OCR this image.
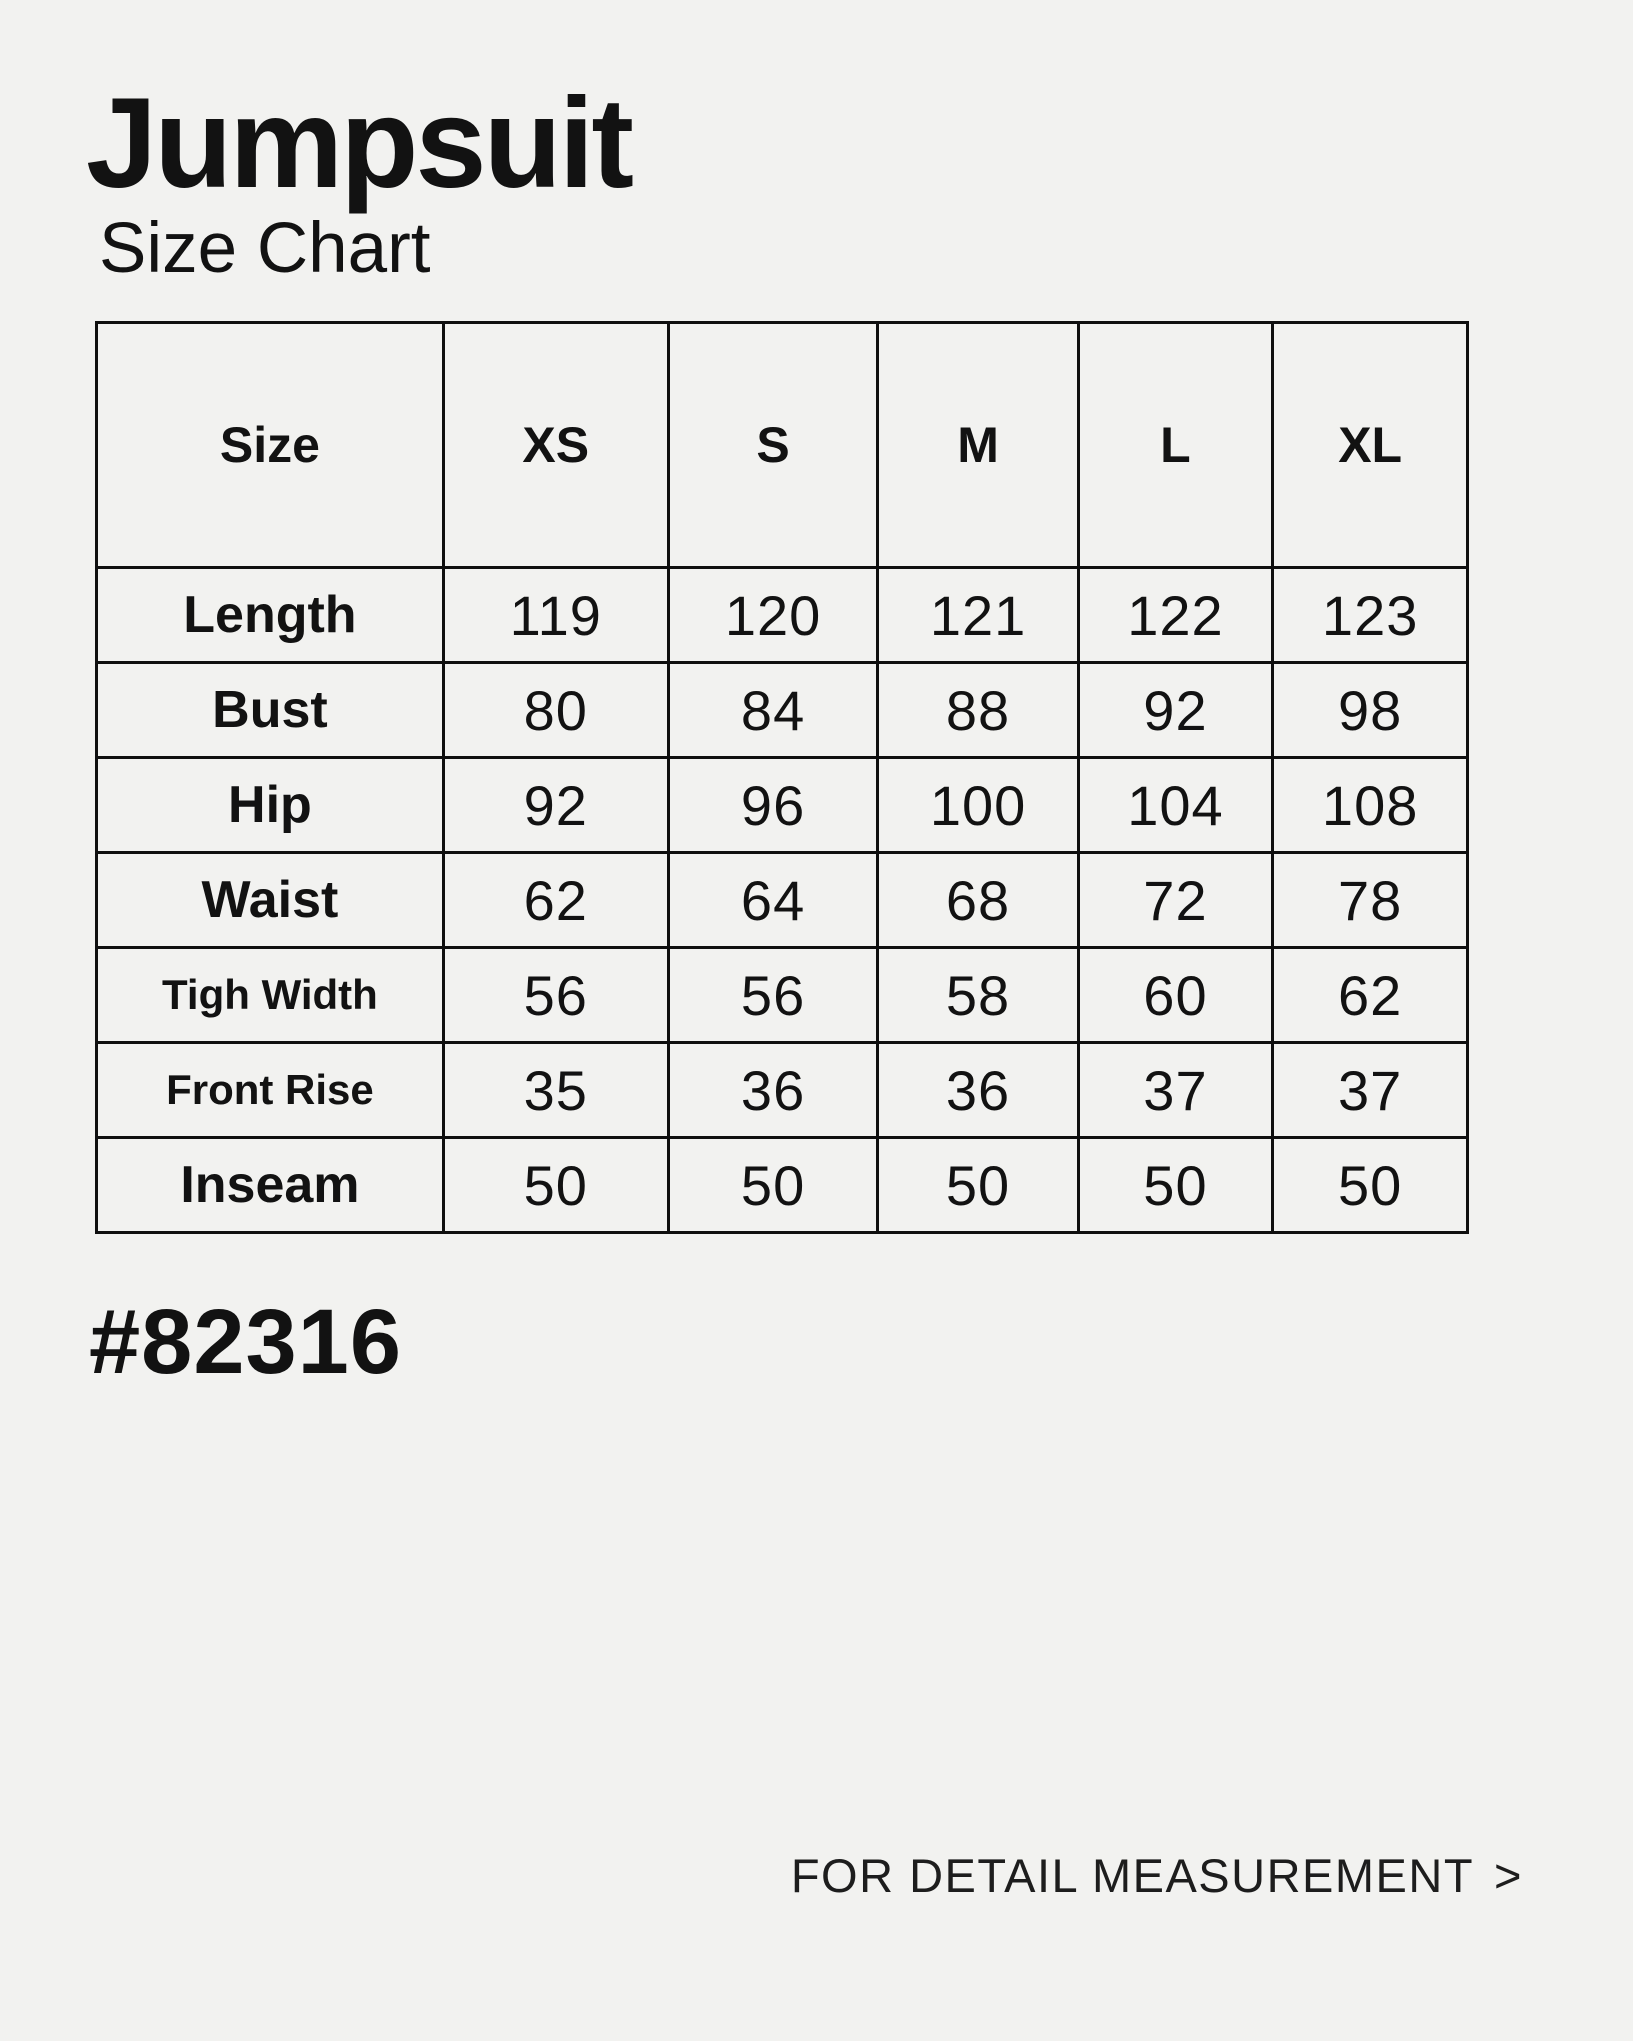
Jumpsuit
Size Chart
Size	XS	S	M	L	XL
Length	119	120	121	122	123
Bust	80	84	88	92	98
Hip	92	96	100	104	108
Waist	62	64	68	72	78
Tigh Width	56	56	58	60	62
Front Rise	35	36	36	37	37
Inseam	50	50	50	50	50
#82316
FOR DETAIL MEASUREMENT >
